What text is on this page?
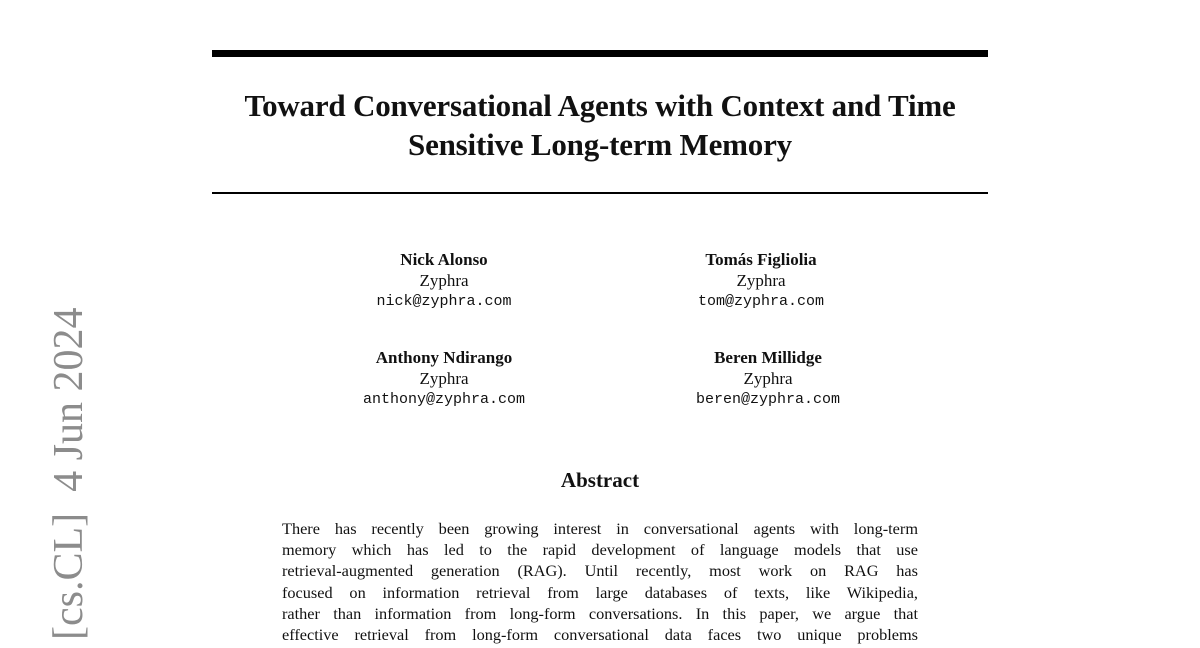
Toward Conversational Agents with Context and Time
Sensitive Long-term Memory
Nick Alonso
Zyphra
nick@zyphra.com
Tomás Figliolia
Zyphra
tom@zyphra.com
Anthony Ndirango
Zyphra
anthony@zyphra.com
Beren Millidge
Zyphra
beren@zyphra.com
Abstract
There has recently been growing interest in conversational agents with long-term
memory which has led to the rapid development of language models that use
retrieval-augmented generation (RAG). Until recently, most work on RAG has
focused on information retrieval from large databases of texts, like Wikipedia,
rather than information from long-form conversations. In this paper, we argue that
effective retrieval from long-form conversational data faces two unique problems
[cs.CL]  4 Jun 2024
